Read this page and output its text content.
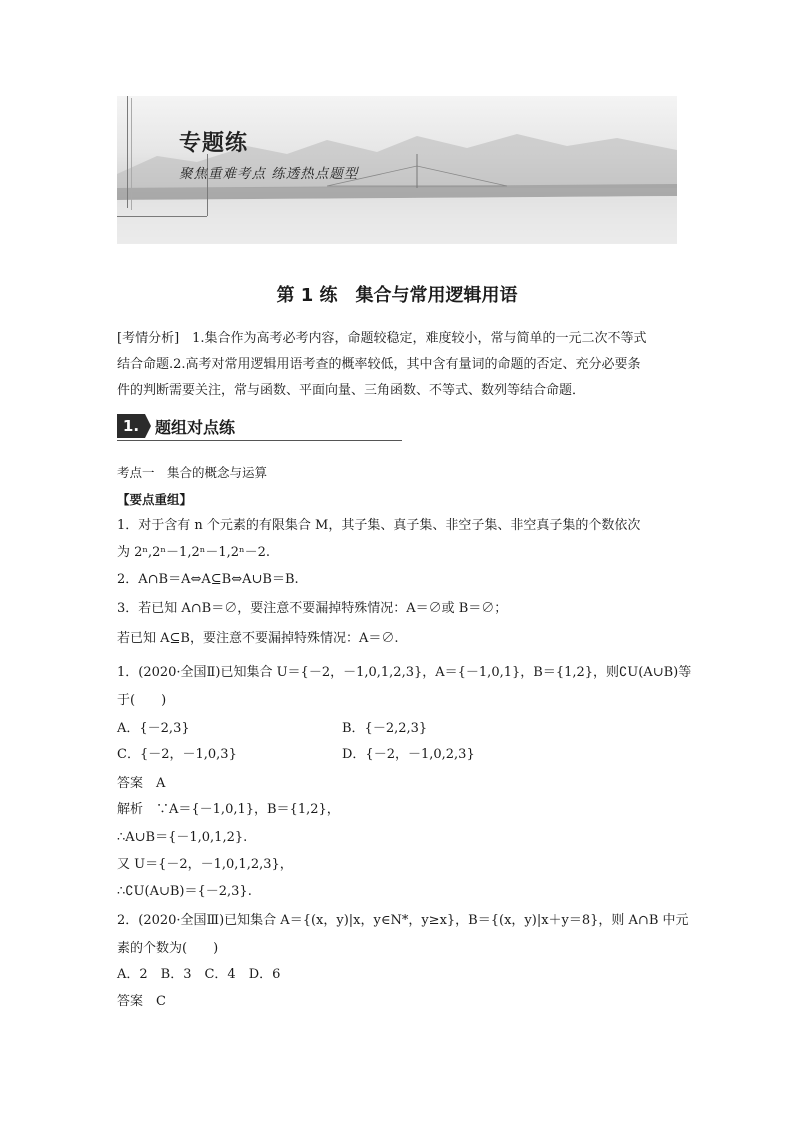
专题练
聚焦重难考点 练透热点题型
第 1 练　集合与常用逻辑用语
[考情分析]　1.集合作为高考必考内容，命题较稳定，难度较小，常与简单的一元二次不等式
结合命题.2.高考对常用逻辑用语考查的概率较低，其中含有量词的命题的否定、充分必要条
件的判断需要关注，常与函数、平面向量、三角函数、不等式、数列等结合命题．
1. 题组对点练
考点一　集合的概念与运算
【要点重组】
1．对于含有 n 个元素的有限集合 M，其子集、真子集、非空子集、非空真子集的个数依次
为 2ⁿ,2ⁿ－1,2ⁿ－1,2ⁿ－2.
2．A∩B＝A⇔A⊆B⇔A∪B＝B.
3．若已知 A∩B＝∅，要注意不要漏掉特殊情况：A＝∅或 B＝∅；
若已知 A⊆B，要注意不要漏掉特殊情况：A＝∅.
1．(2020·全国Ⅱ)已知集合 U＝{－2，－1,0,1,2,3}，A＝{－1,0,1}，B＝{1,2}，则∁U(A∪B)等
于(　　)
A．{－2,3}	B．{－2,2,3}
C．{－2，－1,0,3}	D．{－2，－1,0,2,3}
答案　A
解析　∵A＝{－1,0,1}，B＝{1,2}，
∴A∪B＝{－1,0,1,2}.
又 U＝{－2，－1,0,1,2,3}，
∴∁U(A∪B)＝{－2,3}.
2．(2020·全国Ⅲ)已知集合 A＝{(x，y)|x，y∈N*，y≥x}，B＝{(x，y)|x＋y＝8}，则 A∩B 中元
素的个数为(　　)
A．2　B．3　C．4　D．6
答案　C
